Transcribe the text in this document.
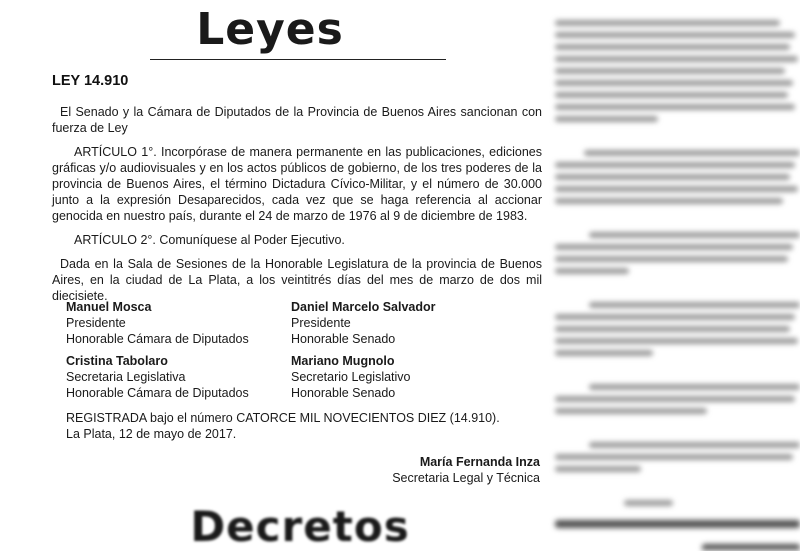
Leyes
LEY 14.910
El Senado y la Cámara de Diputados de la Provincia de Buenos Aires sancionan con fuerza de Ley
ARTÍCULO 1°. Incorpórase de manera permanente en las publicaciones, ediciones gráficas y/o audiovisuales y en los actos públicos de gobierno, de los tres poderes de la provincia de Buenos Aires, el término Dictadura Cívico-Militar, y el número de 30.000 junto a la expresión Desaparecidos, cada vez que se haga referencia al accionar genocida en nuestro país, durante el 24 de marzo de 1976 al 9 de diciembre de 1983.
ARTÍCULO 2°. Comuníquese al Poder Ejecutivo.
Dada en la Sala de Sesiones de la Honorable Legislatura de la provincia de Buenos Aires, en la ciudad de La Plata, a los veintitrés días del mes de marzo de dos mil diecisiete.
Manuel Mosca
Presidente
Honorable Cámara de Diputados
Daniel Marcelo Salvador
Presidente
Honorable Senado
Cristina Tabolaro
Secretaria Legislativa
Honorable Cámara de Diputados
Mariano Mugnolo
Secretario Legislativo
Honorable Senado
REGISTRADA bajo el número CATORCE MIL NOVECIENTOS DIEZ (14.910).
La Plata, 12 de mayo de 2017.
María Fernanda Inza
Secretaria Legal y Técnica
Decretos
